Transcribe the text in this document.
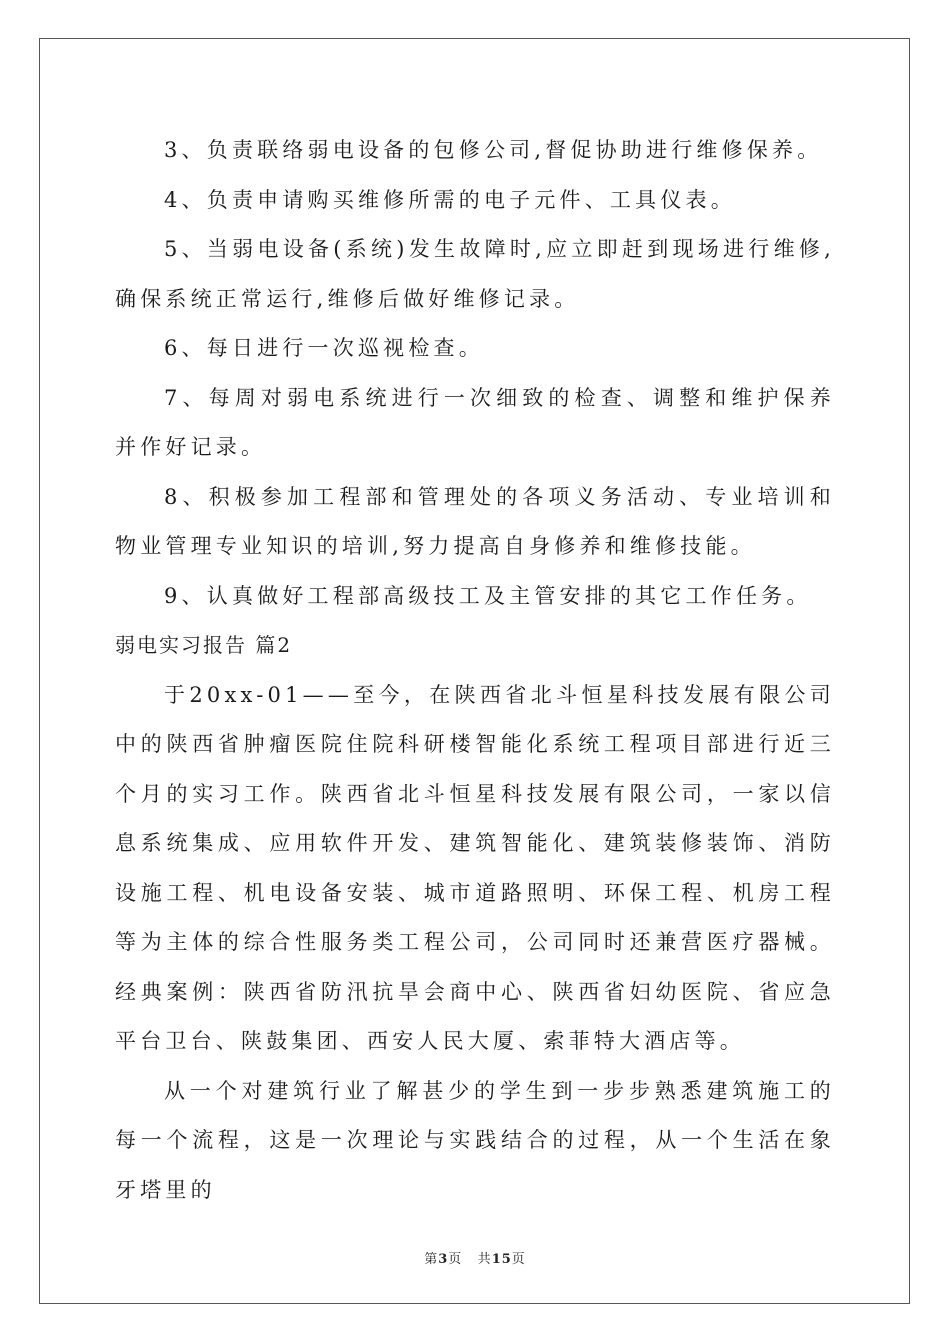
3、负责联络弱电设备的包修公司,督促协助进行维修保养。

4、负责申请购买维修所需的电子元件、工具仪表。

5、当弱电设备(系统)发生故障时,应立即赶到现场进行维修,确保系统正常运行,维修后做好维修记录。

6、每日进行一次巡视检查。

7、每周对弱电系统进行一次细致的检查、调整和维护保养并作好记录。

8、积极参加工程部和管理处的各项义务活动、专业培训和物业管理专业知识的培训,努力提高自身修养和维修技能。

9、认真做好工程部高级技工及主管安排的其它工作任务。

弱电实习报告 篇2

于20xx-01——至今，在陕西省北斗恒星科技发展有限公司中的陕西省肿瘤医院住院科研楼智能化系统工程项目部进行近三个月的实习工作。陕西省北斗恒星科技发展有限公司，一家以信息系统集成、应用软件开发、建筑智能化、建筑装修装饰、消防设施工程、机电设备安装、城市道路照明、环保工程、机房工程等为主体的综合性服务类工程公司，公司同时还兼营医疗器械。经典案例：陕西省防汛抗旱会商中心、陕西省妇幼医院、省应急平台卫台、陕鼓集团、西安人民大厦、索菲特大酒店等。

从一个对建筑行业了解甚少的学生到一步步熟悉建筑施工的每一个流程，这是一次理论与实践结合的过程，从一个生活在象牙塔里的

第3页 共15页
